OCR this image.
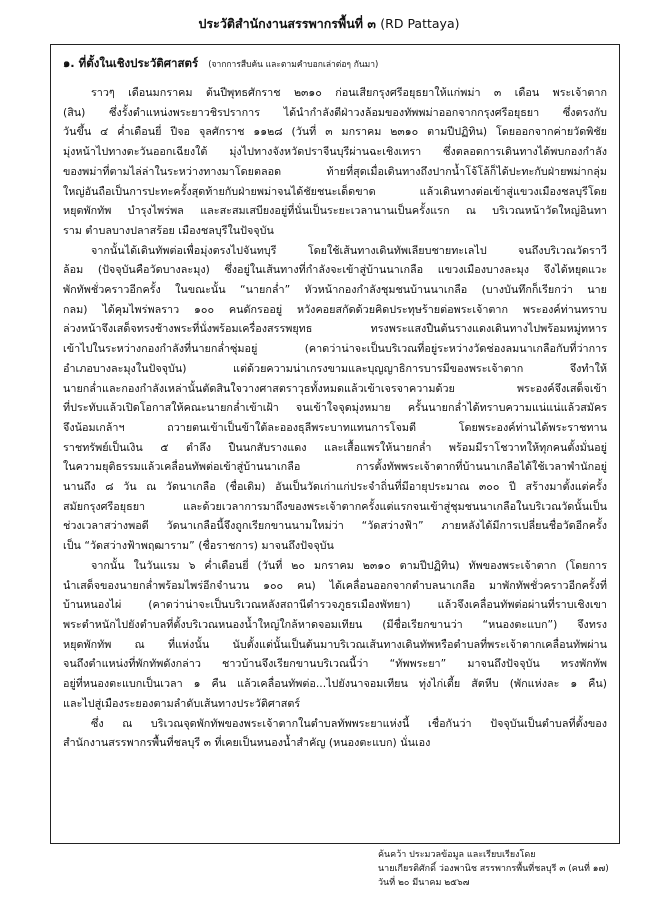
ประวัติสำนักงานสรรพากรพื้นที่ ๓ (RD Pattaya)
๑. ที่ตั้งในเชิงประวัติศาสตร์ (จากการสืบค้น และตามคำบอกเล่าต่อๆ กันมา)
ราวๆ เดือนมกราคม ต้นปีพุทธศักราช ๒๓๑๐ ก่อนเสียกรุงศรีอยุธยาให้แก่พม่า ๓ เดือน พระเจ้าตาก
(สิน) ซึ่งรั้งตำแหน่งพระยาวชิรปราการ ได้นำกำลังตีฝ่าวงล้อมของทัพพม่าออกจากกรุงศรีอยุธยา ซึ่งตรงกับ
วันขึ้น ๔ ค่ำเดือนยี่ ปีจอ จุลศักราช ๑๑๒๘ (วันที่ ๓ มกราคม ๒๓๑๐ ตามปีปฏิทิน) โดยออกจากค่ายวัดพิชัย
มุ่งหน้าไปทางตะวันออกเฉียงใต้ มุ่งไปทางจังหวัดปราจีนบุรีผ่านฉะเชิงเทรา ซึ่งตลอดการเดินทางได้พบกองกำลัง
ของพม่าที่ตามไล่ล่าในระหว่างทางมาโดยตลอด ท้ายที่สุดเมื่อเดินทางถึงปากน้ำโจ้โล้ก็ได้ปะทะกับฝ่ายพม่ากลุ่ม
ใหญ่อันถือเป็นการปะทะครั้งสุดท้ายกับฝ่ายพม่าจนได้ชัยชนะเด็ดขาด แล้วเดินทางต่อเข้าสู่แขวงเมืองชลบุรีโดย
หยุดพักทัพ บำรุงไพร่พล และสะสมเสบียงอยู่ที่นั่นเป็นระยะเวลานานเป็นครั้งแรก ณ บริเวณหน้าวัดใหญ่อินทา
ราม ตำบลบางปลาสร้อย เมืองชลบุรีในปัจจุบัน
จากนั้นได้เดินทัพต่อเพื่อมุ่งตรงไปจันทบุรี โดยใช้เส้นทางเดินทัพเลียบชายทะเลไป จนถึงบริเวณวัดราวี
ล้อม (ปัจจุบันคือวัดบางละมุง) ซึ่งอยู่ในเส้นทางที่กำลังจะเข้าสู่บ้านนาเกลือ แขวงเมืองบางละมุง จึงได้หยุดแวะ
พักทัพชั่วคราวอีกครั้ง ในขณะนั้น “นายกล่ำ” หัวหน้ากองกำลังชุมชนบ้านนาเกลือ (บางบันทึกก็เรียกว่า นาย
กลม) ได้คุมไพร่พลราว ๑๐๐ คนดักรออยู่ หวังคอยสกัดด้วยคิดประทุษร้ายต่อพระเจ้าตาก พระองค์ท่านทราบ
ล่วงหน้าจึงเสด็จทรงช้างพระที่นั่งพร้อมเครื่องสรรพยุทธ ทรงพระแสงปืนต้นรางแดงเดินทางไปพร้อมหมู่ทหาร
เข้าไปในระหว่างกองกำลังที่นายกล่ำซุ่มอยู่ (คาดว่าน่าจะเป็นบริเวณที่อยู่ระหว่างวัดช่องลมนาเกลือกับที่ว่าการ
อำเภอบางละมุงในปัจจุบัน) แต่ด้วยความน่าเกรงขามและบุญญาธิการบารมีของพระเจ้าตาก จึงทำให้
นายกล่ำและกองกำลังเหล่านั้นตัดสินใจวางศาสตราวุธทั้งหมดแล้วเข้าเจรจาความด้วย พระองค์จึงเสด็จเข้า
ที่ประทับแล้วเปิดโอกาสให้คณะนายกล่ำเข้าเฝ้า จนเข้าใจจุดมุ่งหมาย ครั้นนายกล่ำได้ทราบความแน่แน่แล้วสมัคร
จึงน้อมเกล้าฯ ถวายตนเข้าเป็นข้าใต้ละอองธุลีพระบาทแทนการโจมตี โดยพระองค์ท่านได้พระราชทาน
ราชทรัพย์เป็นเงิน ๕ ตำลึง ปืนนกสับรางแดง และเสื้อแพรให้นายกล่ำ พร้อมมีราโชวาทให้ทุกคนตั้งมั่นอยู่
ในความยุติธรรมแล้วเคลื่อนทัพต่อเข้าสู่บ้านนาเกลือ การตั้งทัพพระเจ้าตากที่บ้านนาเกลือได้ใช้เวลาพำนักอยู่
นานถึง ๘ วัน ณ วัดนาเกลือ (ชื่อเดิม) อันเป็นวัดเก่าแก่ประจำถิ่นที่มีอายุประมาณ ๓๐๐ ปี สร้างมาตั้งแต่ครั้ง
สมัยกรุงศรีอยุธยา และด้วยเวลาการมาถึงของพระเจ้าตากครั้งแต่แรกจนเข้าสู่ชุมชนนาเกลือในบริเวณวัดนั้นเป็น
ช่วงเวลาสว่างพอดี วัดนาเกลือนี้จึงถูกเรียกขานนามใหม่ว่า “วัดสว่างฟ้า” ภายหลังได้มีการเปลี่ยนชื่อวัดอีกครั้ง
เป็น “วัดสว่างฟ้าพฤฒาราม” (ชื่อราชการ) มาจนถึงปัจจุบัน
จากนั้น ในวันแรม ๖ ค่ำเดือนยี่ (วันที่ ๒๐ มกราคม ๒๓๑๐ ตามปีปฏิทิน) ทัพของพระเจ้าตาก (โดยการ
นำเสด็จของนายกล่ำพร้อมไพร่อีกจำนวน ๑๐๐ คน) ได้เคลื่อนออกจากตำบลนาเกลือ มาพักทัพชั่วคราวอีกครั้งที่
บ้านหนองไผ่ (คาดว่าน่าจะเป็นบริเวณหลังสถานีตำรวจภูธรเมืองพัทยา) แล้วจึงเคลื่อนทัพต่อผ่านที่ราบเชิงเขา
พระตำหนักไปยังตำบลที่ตั้งบริเวณหนองน้ำใหญ่ใกล้หาดจอมเทียน (มีชื่อเรียกขานว่า “หนองตะแบก”) จึงทรง
หยุดพักทัพ ณ ที่แห่งนั้น นับตั้งแต่นั้นเป็นต้นมาบริเวณเส้นทางเดินทัพหรือตำบลที่พระเจ้าตากเคลื่อนทัพผ่าน
จนถึงตำแหน่งที่พักทัพดังกล่าว ชาวบ้านจึงเรียกขานบริเวณนี้ว่า “ทัพพระยา” มาจนถึงปัจจุบัน ทรงพักทัพ
อยู่ที่หนองตะแบกเป็นเวลา ๑ คืน แล้วเคลื่อนทัพต่อ...ไปยังนาจอมเทียน ทุ่งไก่เตี้ย สัตหีบ (พักแห่งละ ๑ คืน)
และไปสู่เมืองระยองตามลำดับเส้นทางประวัติศาสตร์
ซึ่ง ณ บริเวณจุดพักทัพของพระเจ้าตากในตำบลทัพพระยาแห่งนี้ เชื่อกันว่า ปัจจุบันเป็นตำบลที่ตั้งของ
สำนักงานสรรพากรพื้นที่ชลบุรี ๓ ที่เคยเป็นหนองน้ำสำคัญ (หนองตะแบก) นั่นเอง
ค้นคว้า ประมวลข้อมูล และเรียบเรียงโดย
นายเกียรติศักดิ์ ว่องพานิช สรรพากรพื้นที่ชลบุรี ๓ (คนที่ ๑๗)
วันที่ ๒๐ มีนาคม ๒๕๖๗
